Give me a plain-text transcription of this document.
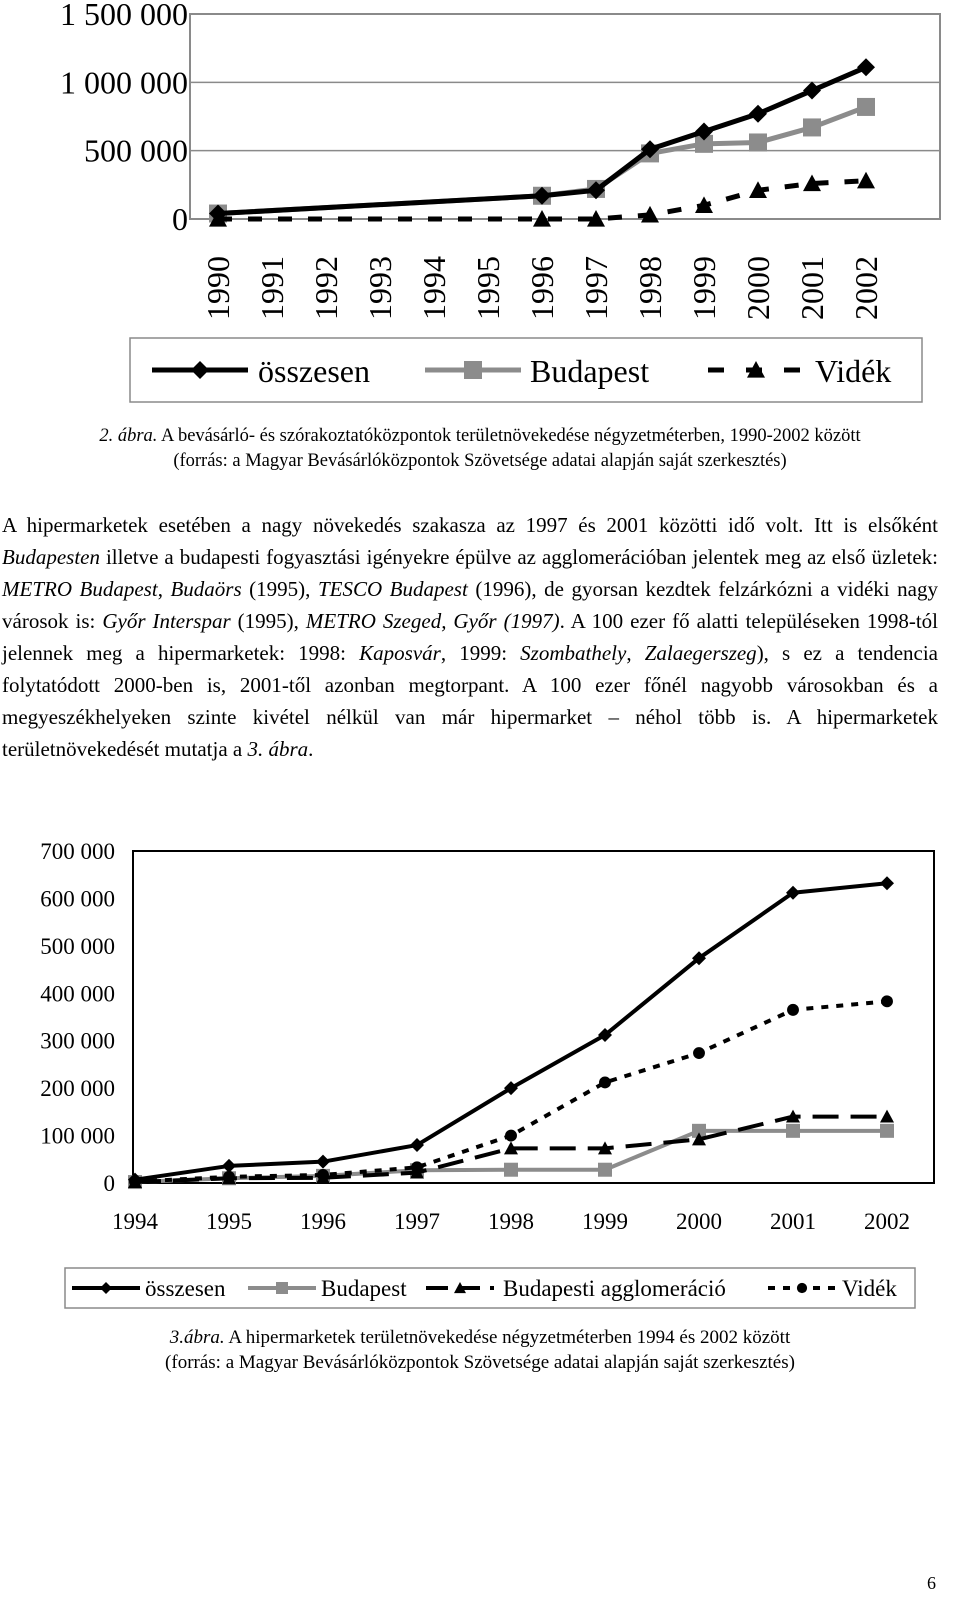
1 500 000
1 000 000
500 000
0
1990 1991 1992 1993 1994 1995 1996 1997 1998 1999 2000 2001 2002
összesen	Budapest	Vidék
2. ábra. A bevásárló- és szórakoztatóközpontok területnövekedése négyzetméterben, 1990-2002 között
(forrás: a Magyar Bevásárlóközpontok Szövetsége adatai alapján saját szerkesztés)

A hipermarketek esetében a nagy növekedés szakasza az 1997 és 2001 közötti idő volt. Itt is elsőként Budapesten illetve a budapesti fogyasztási igényekre épülve az agglomerációban jelentek meg az első üzletek: METRO Budapest, Budaörs (1995), TESCO Budapest (1996), de gyorsan kezdtek felzárkózni a vidéki nagy városok is: Győr Interspar (1995), METRO Szeged, Győr (1997). A 100 ezer fő alatti településeken 1998-tól jelennek meg a hipermarketek: 1998: Kaposvár, 1999: Szombathely, Zalaegerszeg), s ez a tendencia folytatódott 2000-ben is, 2001-től azonban megtorpant. A 100 ezer főnél nagyobb városokban és a megyeszékhelyeken szinte kivétel nélkül van már hipermarket – néhol több is. A hipermarketek területnövekedését mutatja a 3. ábra.

700 000
600 000
500 000
400 000
300 000
200 000
100 000
0
1994 1995 1996 1997 1998 1999 2000 2001 2002
összesen	Budapest	Budapesti agglomeráció	Vidék
3.ábra. A hipermarketek területnövekedése négyzetméterben 1994 és 2002 között
(forrás: a Magyar Bevásárlóközpontok Szövetsége adatai alapján saját szerkesztés)
6
